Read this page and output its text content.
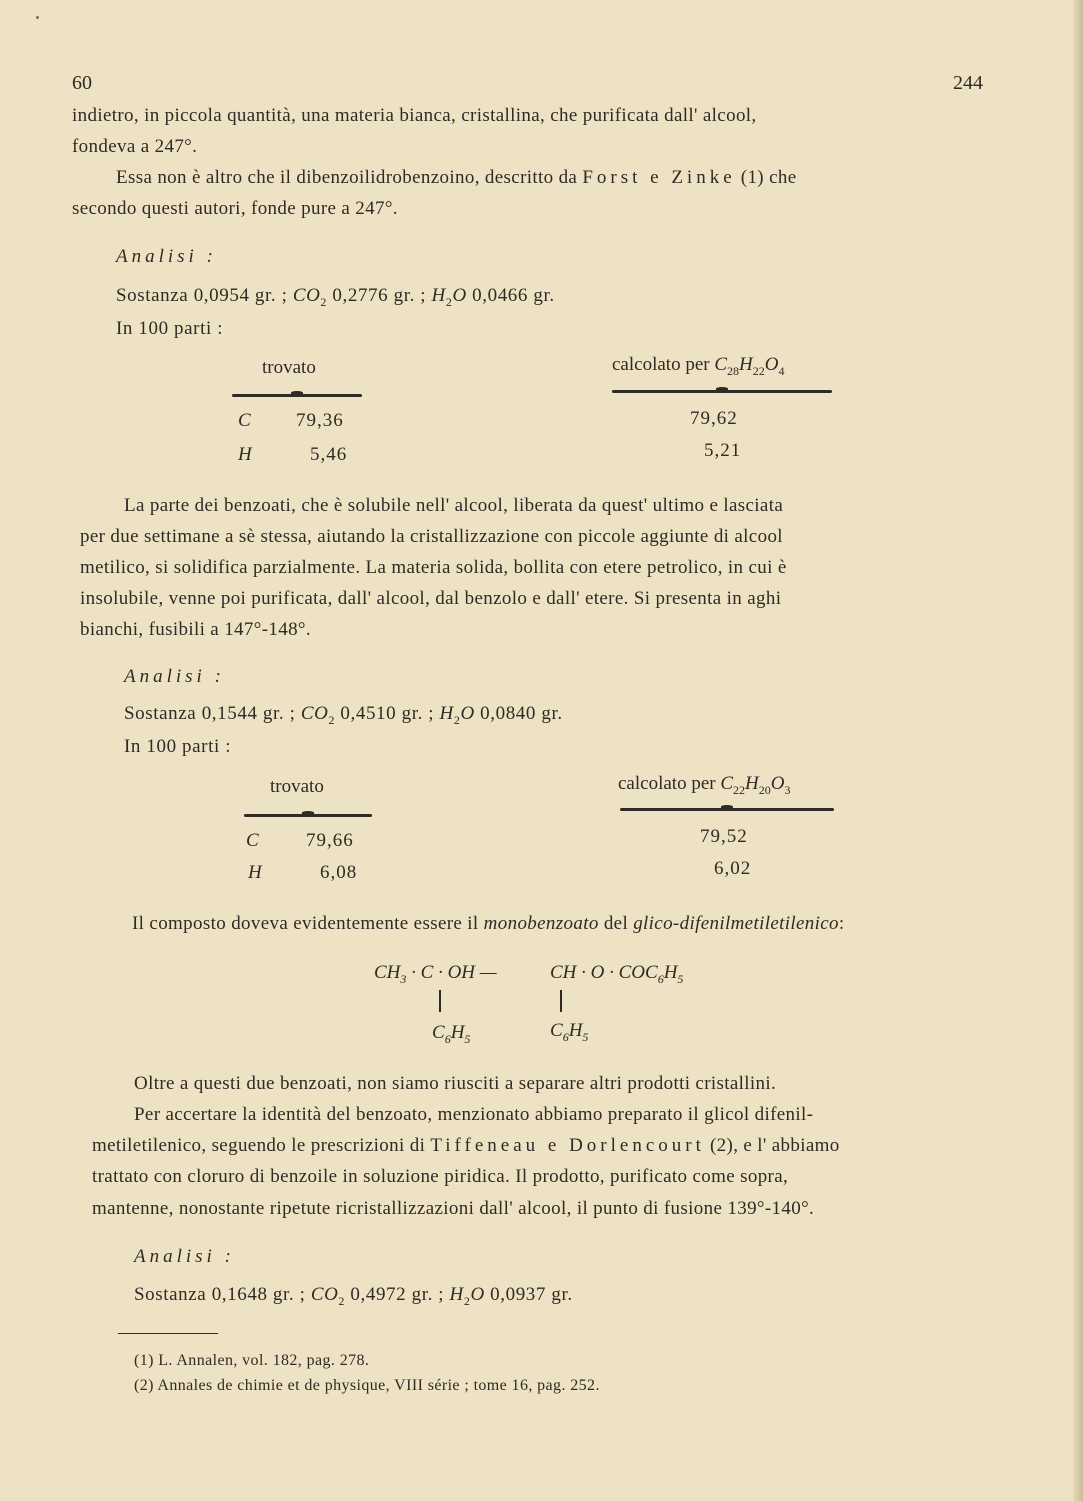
60	244
indietro, in piccola quantità, una materia bianca, cristallina, che purificata dall' alcool,
fondeva a 247°.
Essa non è altro che il dibenzoilidrobenzoino, descritto da Forst e Zinke (1) che
secondo questi autori, fonde pure a 247°.
Analisi :
Sostanza 0,0954 gr. ; $CO_2$ 0,2776 gr. ; $H_2O$ 0,0466 gr.
In 100 parti :
trovato	calcolato per $C_{28}H_{22}O_4$
C 79,36	79,62
H	5,46	5,21
La parte dei benzoati, che è solubile nell' alcool, liberata da quest' ultimo e lasciata
per due settimane a sè stessa, aiutando la cristallizzazione con piccole aggiunte di alcool
metilico, si solidifica parzialmente. La materia solida, bollita con etere petrolico, in cui è
insolubile, venne poi purificata, dall' alcool, dal benzolo e dall' etere. Si presenta in aghi
bianchi, fusibili a 147°-148°.
Analisi :
Sostanza 0,1544 gr. ; $CO_2$ 0,4510 gr. ; $H_2O$ 0,0840 gr.
In 100 parti :
trovato	calcolato per $C_{22}H_{20}O_3$
C 79,66	79,52
H	6,08	6,02
Il composto doveva evidentemente essere il monobenzoato del glico-difenilmetiletilenico:
$CH_3 \cdot C$ · OH —	CH · $O \cdot COC_6H_5$
$C_6H_5$	$C_6H_5$
Oltre a questi due benzoati, non siamo riusciti a separare altri prodotti cristallini.
Per accertare la identità del benzoato, menzionato abbiamo preparato il glicol difenil-
metiletilenico, seguendo le prescrizioni di Tiffeneau e Dorlencourt (2), e l' abbiamo
trattato con cloruro di benzoile in soluzione piridica. Il prodotto, purificato come sopra,
mantenne, nonostante ripetute ricristallizzazioni dall' alcool, il punto di fusione 139°-140°.
Analisi :
Sostanza 0,1648 gr. ; $CO_2$ 0,4972 gr. ; $H_2O$ 0,0937 gr.
(1) L. Annalen, vol. 182, pag. 278.
(2) Annales de chimie et de physique, VIII série ; tome 16, pag. 252.
